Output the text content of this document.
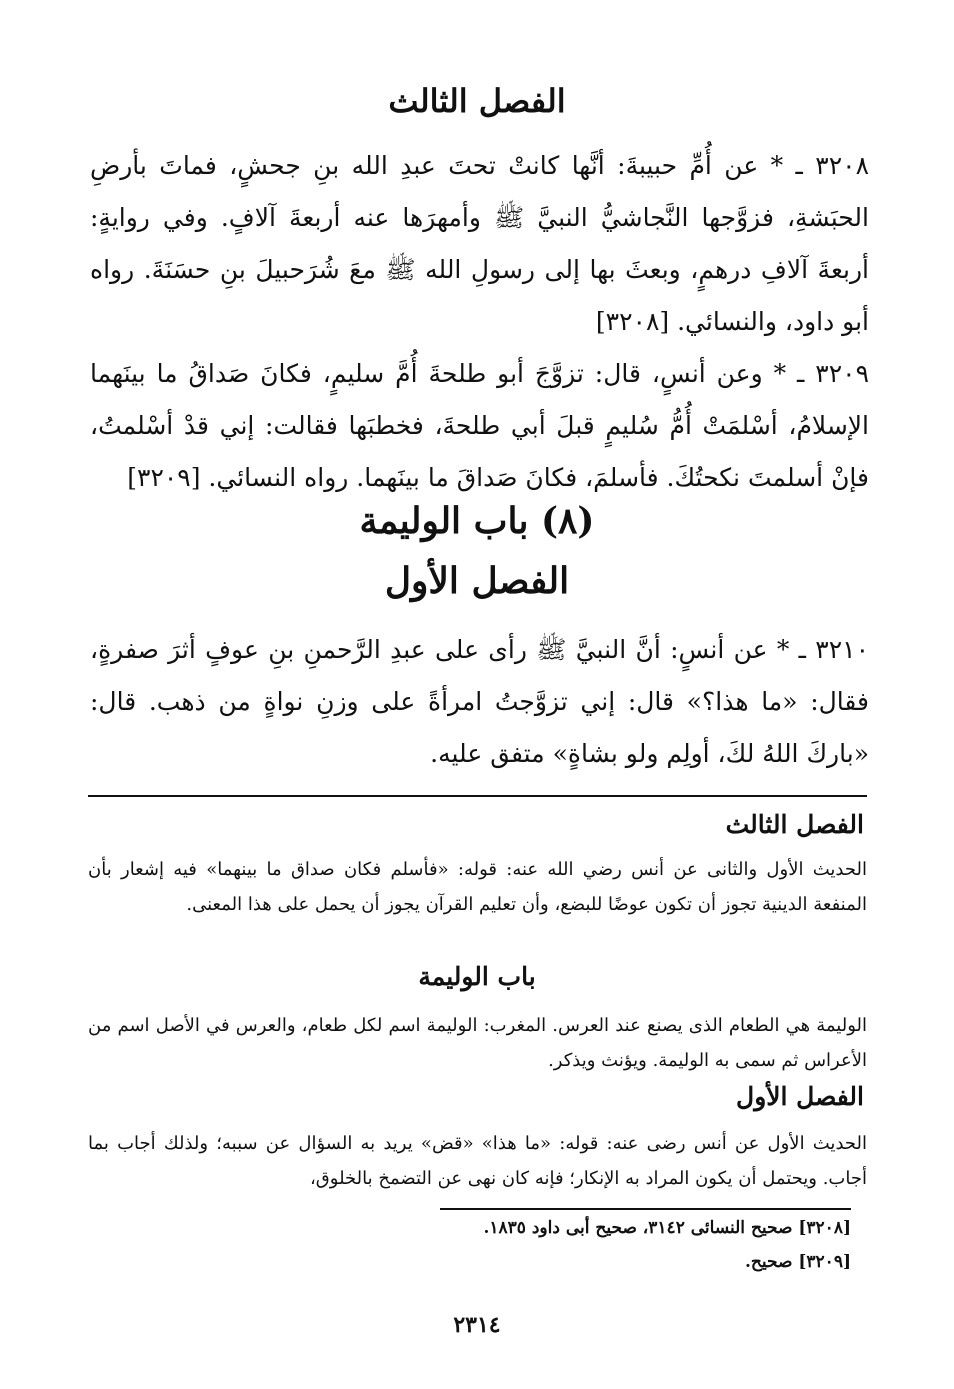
الفصل الثالث

٣٢٠٨ ـ * عن أُمِّ حبيبةَ: أنَّها كانتْ تحتَ عبدِ الله بنِ جحشٍ، فماتَ بأرضِ الحبَشةِ، فزوَّجها النَّجاشيُّ النبيَّ ﷺ وأمهرَها عنه أربعةَ آلافٍ. وفي روايةٍ: أربعةَ آلافِ درهمٍ، وبعثَ بها إلى رسولِ الله ﷺ معَ شُرَحبيلَ بنِ حسَنَةَ. رواه أبو داود، والنسائي. [٣٢٠٨]

٣٢٠٩ ـ * وعن أنسٍ، قال: تزوَّجَ أبو طلحةَ أُمَّ سليمٍ، فكانَ صَداقُ ما بينَهما الإسلامُ، أسْلمَتْ أُمُّ سُليمٍ قبلَ أبي طلحةَ، فخطبَها فقالت: إني قدْ أسْلمتُ، فإنْ أسلمتَ نكحتُكَ. فأسلمَ، فكانَ صَداقَ ما بينَهما. رواه النسائي. [٣٢٠٩]

(٨) باب الوليمة
الفصل الأول

٣٢١٠ ـ * عن أنسٍ: أنَّ النبيَّ ﷺ رأى على عبدِ الرَّحمنِ بنِ عوفٍ أثرَ صفرةٍ، فقال: «ما هذا؟» قال: إني تزوَّجتُ امرأةً على وزنِ نواةٍ من ذهب. قال: «باركَ اللهُ لكَ، أولِم ولو بشاةٍ» متفق عليه.

الفصل الثالث

الحديث الأول والثانى عن أنس رضي الله عنه: قوله: «فأسلم فكان صداق ما بينهما» فيه إشعار بأن المنفعة الدينية تجوز أن تكون عوضًا للبضع، وأن تعليم القرآن يجوز أن يحمل على هذا المعنى.

باب الوليمة

الوليمة هي الطعام الذى يصنع عند العرس. المغرب: الوليمة اسم لكل طعام، والعرس في الأصل اسم من الأعراس ثم سمى به الوليمة. ويؤنث ويذكر.

الفصل الأول

الحديث الأول عن أنس رضى عنه: قوله: «ما هذا» «قض» يريد به السؤال عن سببه؛ ولذلك أجاب بما أجاب. ويحتمل أن يكون المراد به الإنكار؛ فإنه كان نهى عن التضمخ بالخلوق،

[٣٢٠٨] صحيح النسائى ٣١٤٢، صحيح أبى داود ١٨٣٥.
[٣٢٠٩] صحيح.
٢٣١٤
